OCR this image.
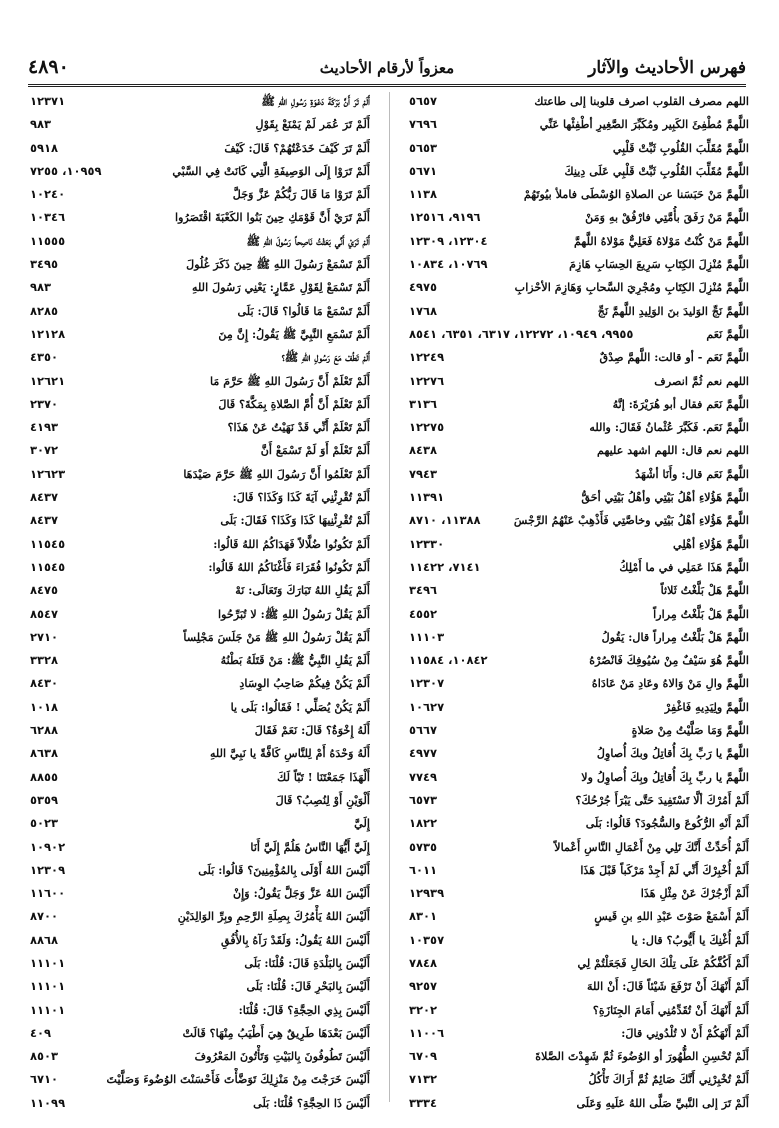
فهرس الأحاديث والآثار
معزواً لأرقام الأحاديث
٤٨٩٠
اللهم مصرف القلوب اصرف قلوبنا إلى طاعتك
٥٦٥٧
اللَّهمَّ مُطْفِئَ الكَبِير ومُكَبِّرَ الصَّغِيرِ أطْفِئْها عَنِّي
٧٦٩٦
اللَّهمَّ مُقَلِّبَ القُلُوبِ ثَبِّتْ قَلْبِي
٥٦٥٣
اللَّهمَّ مُقَلِّبَ القُلُوبِ ثَبِّتْ قَلْبِي عَلَى دِينِكَ
٥٦٧١
اللَّهمَّ مَنْ حَبَسَنا عن الصلاةِ الوُسْطَى فاملأ بيُوتَهُمْ
١١٣٨
اللَّهمَّ مَنْ رَفَقَ بأُمَّتِي فارْفُقْ بهِ وَمَنْ
٩١٩٦، ١٢٥١٦
اللَّهمَّ مَنْ كُنْتُ مَوْلاهُ فَعَلِيٌّ مَوْلاهُ اللَّهمَّ
١٢٣٠٤، ١٢٣٠٩
اللَّهمَّ مُنْزِلَ الكِتَابِ سَرِيعَ الحِسَابِ هَازِمَ
١٠٧٦٩، ١٠٨٣٤
اللَّهمَّ مُنْزِلَ الكِتَابِ ومُجْرِيَ السَّحابِ وَهَازِمَ الأحْزابِ
٤٩٧٥
اللَّهمَّ نَجِّ الوَليدَ بنَ الوَلِيدِ اللَّهمَّ نَجِّ
١٧٦٨
اللَّهمَّ نَعَم
٩٩٥٥، ١٠٩٤٩، ١٢٢٧٢، ٦٣١٧، ٦٣٥١، ٨٥٤١
اللَّهمَّ نَعَم - أو قالت: اللَّهمَّ صِدْقٌ
١٢٢٤٩
اللهم نعم ثُمَّ انصرف
١٢٢٧٦
اللَّهمَّ نَعَم فقال أبو هُرَيْرَةَ: إنَّهُ
٣١٣٦
اللَّهمَّ نَعَم. فَكَبَّرَ عُثْمانُ فَقَالَ: والله
١٢٢٧٥
اللهم نعم قال: اللهم اشهد عليهم
٨٤٣٨
اللَّهمَّ نَعَم قال: وأَنَا أشْهَدُ
٧٩٤٣
اللَّهمَّ هَؤُلاءِ أهْلُ بَيْتِي وأهْلُ بَيْتِي أحَقُّ
١١٣٩١
اللَّهمَّ هَؤُلاءِ أهْلُ بَيْتِي وخاصَّتِي فَأَذْهِبْ عَنْهُمُ الرِّجْسَ
١١٣٨٨، ٨٧١٠
اللَّهمَّ هَؤُلاءِ أهْلِي
١٢٣٣٠
اللَّهمَّ هَذَا عَمَلِي في ما أَمْلِكُ
٧١٤١، ١١٤٢٢
اللَّهمَّ هَلْ بَلَّغْتُ ثَلاثاً
٣٤٩٦
اللَّهمَّ هَلْ بَلَّغْتُ مِراراً
٤٥٥٢
اللَّهمَّ هَلْ بَلَّغْتُ مِراراً قال: يَقُولُ
١١١٠٣
اللَّهمَّ هُوَ سَيْفٌ مِنْ سُيُوفِكَ فَانْصُرْهُ
١٠٨٤٢، ١١٥٨٤
اللَّهمَّ والِ مَنْ وَالاهُ وعَادِ مَنْ عَادَاهُ
١٢٣٠٧
اللَّهمَّ ولِيَدِيهِ فَاغْفِرْ
١٠٦٢٧
اللَّهمَّ وَمَا صَلَّيْتُ مِنْ صَلاةٍ
٥٦٦٧
اللَّهمَّ يا رَبِّ بِكَ أُقاتِلُ وبكَ أُصاوِلُ
٤٩٧٧
اللَّهمَّ يا ربِّ بِكَ أُقاتِلُ وبِكَ أُصاوِلُ ولا
٧٧٤٩
أَلَمْ أَمُرْكَ ألَّا تَسْتَفِيدَ حَتَّى يَبْرَأَ جُرْحُكَ؟
٦٥٧٣
أَلَمْ أَنْهِ الرُّكُوعَ والسُّجُودَ؟ قَالُوا: بَلَى
١٨٢٢
أَلَمْ أُحَدِّثْ أَنَّكَ تَلِي مِنْ أَعْمَالِ النَّاسِ أَعْمالاً
٥٧٣٥
أَلَمْ أُخْبِرْكَ أَنِّي لَمْ أَجِدْ مَرْكَباً قَبْلَ هَذَا
٦٠١١
أَلَمْ أَزْجُرْكَ عَنْ مِثْلِ هَذَا
١٢٩٣٩
أَلَمْ أَسْمَعْ صَوْتَ عَبْدِ اللهِ بنِ قَيسٍ
٨٣٠١
أَلَمْ أُغْنِكَ يا أَيُّوبُ؟ قال: يا
١٠٣٥٧
أَلَمْ أَكُفَّكُمْ عَلَى تِلْكَ الحَالِ فَجَعَلْتُمْ لِي
٧٨٤٨
أَلَمْ أَنْهَكَ أَنْ تَرْفَعَ شَيْئاً قَالَ: أَنْ اللهَ
٩٢٥٧
أَلَمْ أَنْهَكَ أَنْ تُقَدِّمُنِي أَمَامَ الجِنَازَةِ؟
٣٢٠٢
أَلَمْ أَنْهَكُمْ أَنْ لا تُلْدُونِي قالَ:
١١٠٠٦
أَلَمْ تُحْسِنِ الطُّهُورَ أو الوُضُوءَ ثُمَّ شَهِدْتَ الصَّلاةَ
٦٧٠٩
أَلَمْ تُخْبِرْنِي أَنَّكَ صَائِمٌ ثُمَّ أَرَاكَ تَأْكُلُ
٧١٣٢
أَلَمْ تَرَ إلى النَّبيِّ صَلَّى اللهُ عَلَيهِ وَعَلَى
٣٣٣٤
أَلَمْ تَرَ أَنَّ بَرَكَةَ دَعْوَةِ رَسُولِ اللهِ ﷺ
١٢٣٧١
أَلَمْ تَرَ عُمَر لَمْ يَمْنَعْ بِقَوْلِ
٩٨٣
أَلَمْ تَرَ كَيْفَ خَدَعْتُهُمْ؟ قَالَ: كَيْفَ
٥٩١٨
أَلَمْ تَرَوْا إِلَى الوَصِيفَةِ الَّتِي كَانَتْ فِي السَّبْي
١٠٩٥٩، ٧٢٥٥
أَلَمْ تَرَوْا مَا قَالَ رَبُّكُمْ عَزَّ وَجَلَّ
١٠٢٤٠
أَلَمْ تَرَيْ أَنَّ قَوْمَكِ حِينَ بَنُوا الكَعْبَةَ اقْتَصَرُوا
١٠٣٤٦
أَلَمْ تَرَيْ أَنِّي بَعَثْتُ نَاصِحاً رَسُولَ اللهِ ﷺ
١١٥٥٥
أَلَمْ تَسْمَعْ رَسُولَ اللهِ ﷺ حِينَ ذَكَرَ غُلُولَ
٣٤٩٥
أَلَمْ تَسْمَعْ لِقَوْلِ عَمَّارٍ: يَعْنِي رَسُولَ اللهِ
٩٨٣
أَلَمْ تَسْمَعْ مَا قَالُوا؟ قَالَ: بَلَى
٨٢٨٥
أَلَمْ تَسْمَعِ النَّبِيَّ ﷺ يَقُولُ: إِنَّ مِنَ
١٢١٢٨
أَلَمْ تَطُفْ مَعَ رَسُولِ اللهِ ﷺ؟
٤٣٥٠
أَلَمْ تَعْلَمْ أَنَّ رَسُولَ اللهِ ﷺ حَرَّمَ مَا
١٢٦٢١
أَلَمْ تَعْلَمْ أَنَّ أُمَّ الصَّلاةِ بِمَكَّةَ؟ قَالَ
٢٣٧٠
أَلَمْ تَعْلَمْ أَنِّي قَدْ نَهَيْتُ عَنْ هَذَا؟
٤١٩٣
أَلَمْ تَعْلَمْ أَوَ لَمْ تَسْمَعْ أَنَّ
٣٠٧٢
أَلَمْ تَعْلَمُوا أَنَّ رَسُولَ اللهِ ﷺ حَرَّمَ صَيْدَهَا
١٢٦٢٣
أَلَمْ تُقْرِئْنِي آيَةَ كَذَا وَكَذَا؟ قَالَ:
٨٤٣٧
أَلَمْ تُقْرِئْنِيهَا كَذَا وَكَذَا؟ فَقَالَ: بَلَى
٨٤٣٧
أَلَمْ تَكُونُوا ضُلَّالاً فَهَدَاكُمُ اللهُ قَالُوا:
١١٥٤٥
أَلَمْ تَكُونُوا فُقَرَاءَ فَأَغْنَاكُمُ اللهُ قَالُوا:
١١٥٤٥
أَلَمْ يَقُلِ اللهُ تَبَارَكَ وَتَعَالَى: نَهْ
٨٤٧٥
أَلَمْ يَقُلْ رَسُولُ اللهِ ﷺ: لا تُبَرِّحُوا
٨٥٤٧
أَلَمْ يَقُلْ رَسُولُ اللهِ ﷺ مَنْ جَلَسَ مَجْلِساً
٢٧١٠
أَلَمْ يَقُلِ النَّبِيُّ ﷺ: مَنْ قَتَلَهُ بَطْنُهُ
٣٣٢٨
أَلَمْ يَكُنْ فِيكُمْ صَاحِبُ الوِسَادِ
٨٤٣٠
أَلَمْ يَكُنْ يُصَلِّي ! فَقَالُوا: بَلَى يا
١٠١٨
أَلَهُ إِخْوَةٌ؟ قَالَ: نَعَمْ فَقَالَ
٦٢٨٨
أَلَهُ وَحْدَهُ أَمْ لِلنَّاسِ كَافَّةً يا نَبِيَّ اللهِ
٨٦٣٨
أَلْهَذَا جَمَعْتَنَا ! تَبّاً لَكَ
٨٨٥٥
أَلْوَيْنِ أَوْ لِنُصِبُ؟ قَالَ
٥٣٥٩
إِلَيَّ
٥٠٢٣
إِلَيَّ أَيُّهَا النَّاسُ هَلُمَّ إِلَيَّ أَنَا
١٠٩٠٢
أَلَيْسَ اللهُ أَوْلَى بِالمُؤْمِنِينَ؟ قَالُوا: بَلَى
١٢٣٠٩
أَلَيْسَ اللهُ عَزَّ وَجَلَّ يَقُولُ: وَإِنْ
١١٦٠٠
أَلَيْسَ اللهُ يَأْمُرُكَ بِصِلَةِ الرَّحِمِ وبِرِّ الوَالِدَيْنِ
٨٧٠٠
أَلَيْسَ اللهُ يَقُولُ: وَلَقَدْ رَآهُ بِالأُفُقِ
٨٨٦٨
أَلَيْسَ بِالبَلْدَةِ قَالَ: قُلْنَا: بَلَى
١١١٠١
أَلَيْسَ بِالبَحْرِ قَالَ: قُلْنَا: بَلَى
١١١٠١
أَلَيْسَ بِذِي الحِجَّةِ؟ قَالَ: قُلْنَا:
١١١٠١
أَلَيْسَ بَعْدَهَا طَرِيقٌ هِيَ أَطْيَبُ مِنْهَا؟ قَالَتْ
٤٠٩
أَلَيْسَ تَطُوفُونَ بِالبَيْتِ وَتَأْتُونَ المَعْرُوفَ
٨٥٠٣
أَلَيْسَ خَرَجْتَ مِنْ مَنْزِلِكَ تَوَضَّأْتَ فَأَحْسَنْتَ الوُضُوءَ وَصَلَّيْتَ
٦٧١٠
أَلَيْسَ ذَا الحِجَّةِ؟ قُلْنَا: بَلَى
١١٠٩٩
